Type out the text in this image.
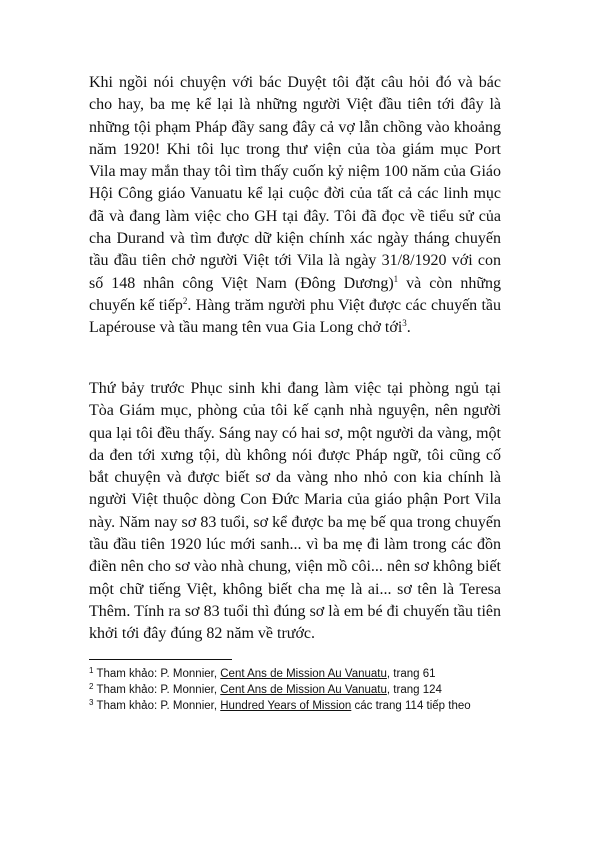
Khi ngồi nói chuyện với bác Duyệt tôi đặt câu hỏi đó và bác cho hay, ba mẹ kể lại là những người Việt đầu tiên tới đây là những tội phạm Pháp đầy sang đây cả vợ lẫn chồng vào khoảng năm 1920! Khi tôi lục trong thư viện của tòa giám mục Port Vila may mắn thay tôi tìm thấy cuốn kỷ niệm 100 năm của Giáo Hội Công giáo Vanuatu kể lại cuộc đời của tất cả các linh mục đã và đang làm việc cho GH tại đây. Tôi đã đọc về tiểu sử của cha Durand và tìm được dữ kiện chính xác ngày tháng chuyến tầu đầu tiên chở người Việt tới Vila là ngày 31/8/1920 với con số 148 nhân công Việt Nam (Đông Dương)$^1$ và còn những chuyến kế tiếp$^2$. Hàng trăm người phu Việt được các chuyến tầu Lapérouse và tầu mang tên vua Gia Long chở tới$^3$.

Thứ bảy trước Phục sinh khi đang làm việc tại phòng ngủ tại Tòa Giám mục, phòng của tôi kế cạnh nhà nguyện, nên người qua lại tôi đều thấy. Sáng nay có hai sơ, một người da vàng, một da đen tới xưng tội, dù không nói được Pháp ngữ, tôi cũng cố bắt chuyện và được biết sơ da vàng nho nhỏ con kia chính là người Việt thuộc dòng Con Đức Maria của giáo phận Port Vila này. Năm nay sơ 83 tuổi, sơ kể được ba mẹ bế qua trong chuyến tầu đầu tiên 1920 lúc mới sanh... vì ba mẹ đi làm trong các đồn điền nên cho sơ vào nhà chung, viện mồ côi... nên sơ không biết một chữ tiếng Việt, không biết cha mẹ là ai... sơ tên là Teresa Thêm. Tính ra sơ 83 tuổi thì đúng sơ là em bé đi chuyến tầu tiên khởi tới đây đúng 82 năm về trước.

$^1$ Tham khảo: P. Monnier, Cent Ans de Mission Au Vanuatu, trang 61

$^2$ Tham khảo: P. Monnier, Cent Ans de Mission Au Vanuatu, trang 124

$^3$ Tham khảo: P. Monnier, Hundred Years of Mission các trang 114 tiếp theo
